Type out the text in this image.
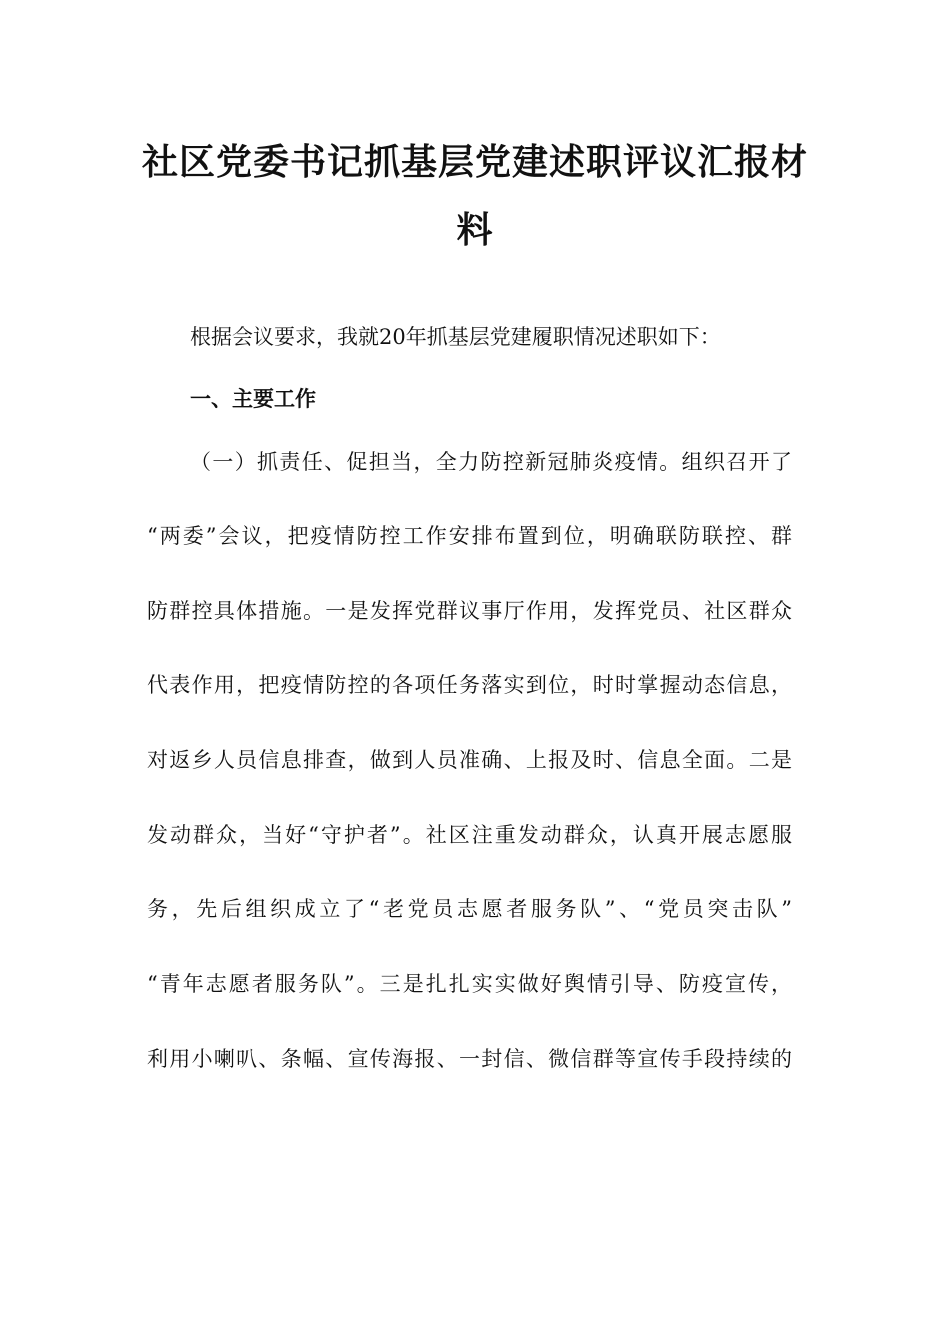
社区党委书记抓基层党建述职评议汇报材
料

根据会议要求，我就20年抓基层党建履职情况述职如下：

一、主要工作

（一）抓责任、促担当，全力防控新冠肺炎疫情。组织召开了

“两委”会议，把疫情防控工作安排布置到位，明确联防联控、群

防群控具体措施。一是发挥党群议事厅作用，发挥党员、社区群众

代表作用，把疫情防控的各项任务落实到位，时时掌握动态信息，

对返乡人员信息排查，做到人员准确、上报及时、信息全面。二是

发动群众，当好“守护者”。社区注重发动群众，认真开展志愿服

务，先后组织成立了“老党员志愿者服务队”、“党员突击队”

“青年志愿者服务队”。三是扎扎实实做好舆情引导、防疫宣传，

利用小喇叭、条幅、宣传海报、一封信、微信群等宣传手段持续的
